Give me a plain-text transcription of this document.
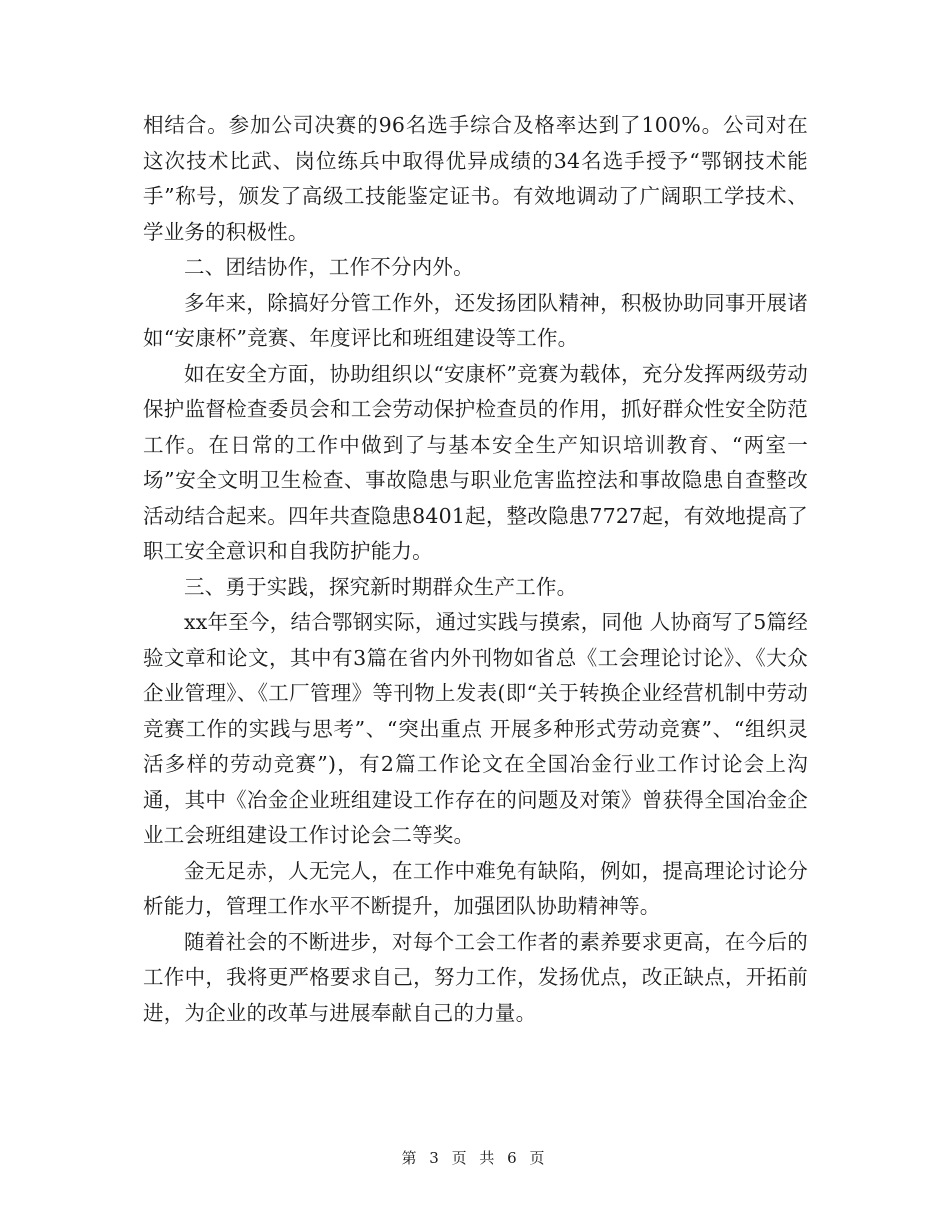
相结合。参加公司决赛的96名选手综合及格率达到了100%。公司对在这次技术比武、岗位练兵中取得优异成绩的34名选手授予“鄂钢技术能手”称号，颁发了高级工技能鉴定证书。有效地调动了广阔职工学技术、学业务的积极性。

二、团结协作，工作不分内外。

多年来，除搞好分管工作外，还发扬团队精神，积极协助同事开展诸如“安康杯”竞赛、年度评比和班组建设等工作。

如在安全方面，协助组织以“安康杯”竞赛为载体，充分发挥两级劳动保护监督检查委员会和工会劳动保护检查员的作用，抓好群众性安全防范工作。在日常的工作中做到了与基本安全生产知识培训教育、“两室一场”安全文明卫生检查、事故隐患与职业危害监控法和事故隐患自查整改活动结合起来。四年共查隐患8401起，整改隐患7727起，有效地提高了职工安全意识和自我防护能力。

三、勇于实践，探究新时期群众生产工作。

xx年至今，结合鄂钢实际，通过实践与摸索，同他 人协商写了5篇经验文章和论文，其中有3篇在省内外刊物如省总《工会理论讨论》、《大众企业管理》、《工厂管理》等刊物上发表(即“关于转换企业经营机制中劳动竞赛工作的实践与思考”、“突出重点 开展多种形式劳动竞赛”、“组织灵活多样的劳动竞赛”)，有2篇工作论文在全国冶金行业工作讨论会上沟通，其中《冶金企业班组建设工作存在的问题及对策》曾获得全国冶金企业工会班组建设工作讨论会二等奖。

金无足赤，人无完人，在工作中难免有缺陷，例如，提高理论讨论分析能力，管理工作水平不断提升，加强团队协助精神等。

随着社会的不断进步，对每个工会工作者的素养要求更高，在今后的工作中，我将更严格要求自己，努力工作，发扬优点，改正缺点，开拓前进，为企业的改革与进展奉献自己的力量。

第 3 页 共 6 页
